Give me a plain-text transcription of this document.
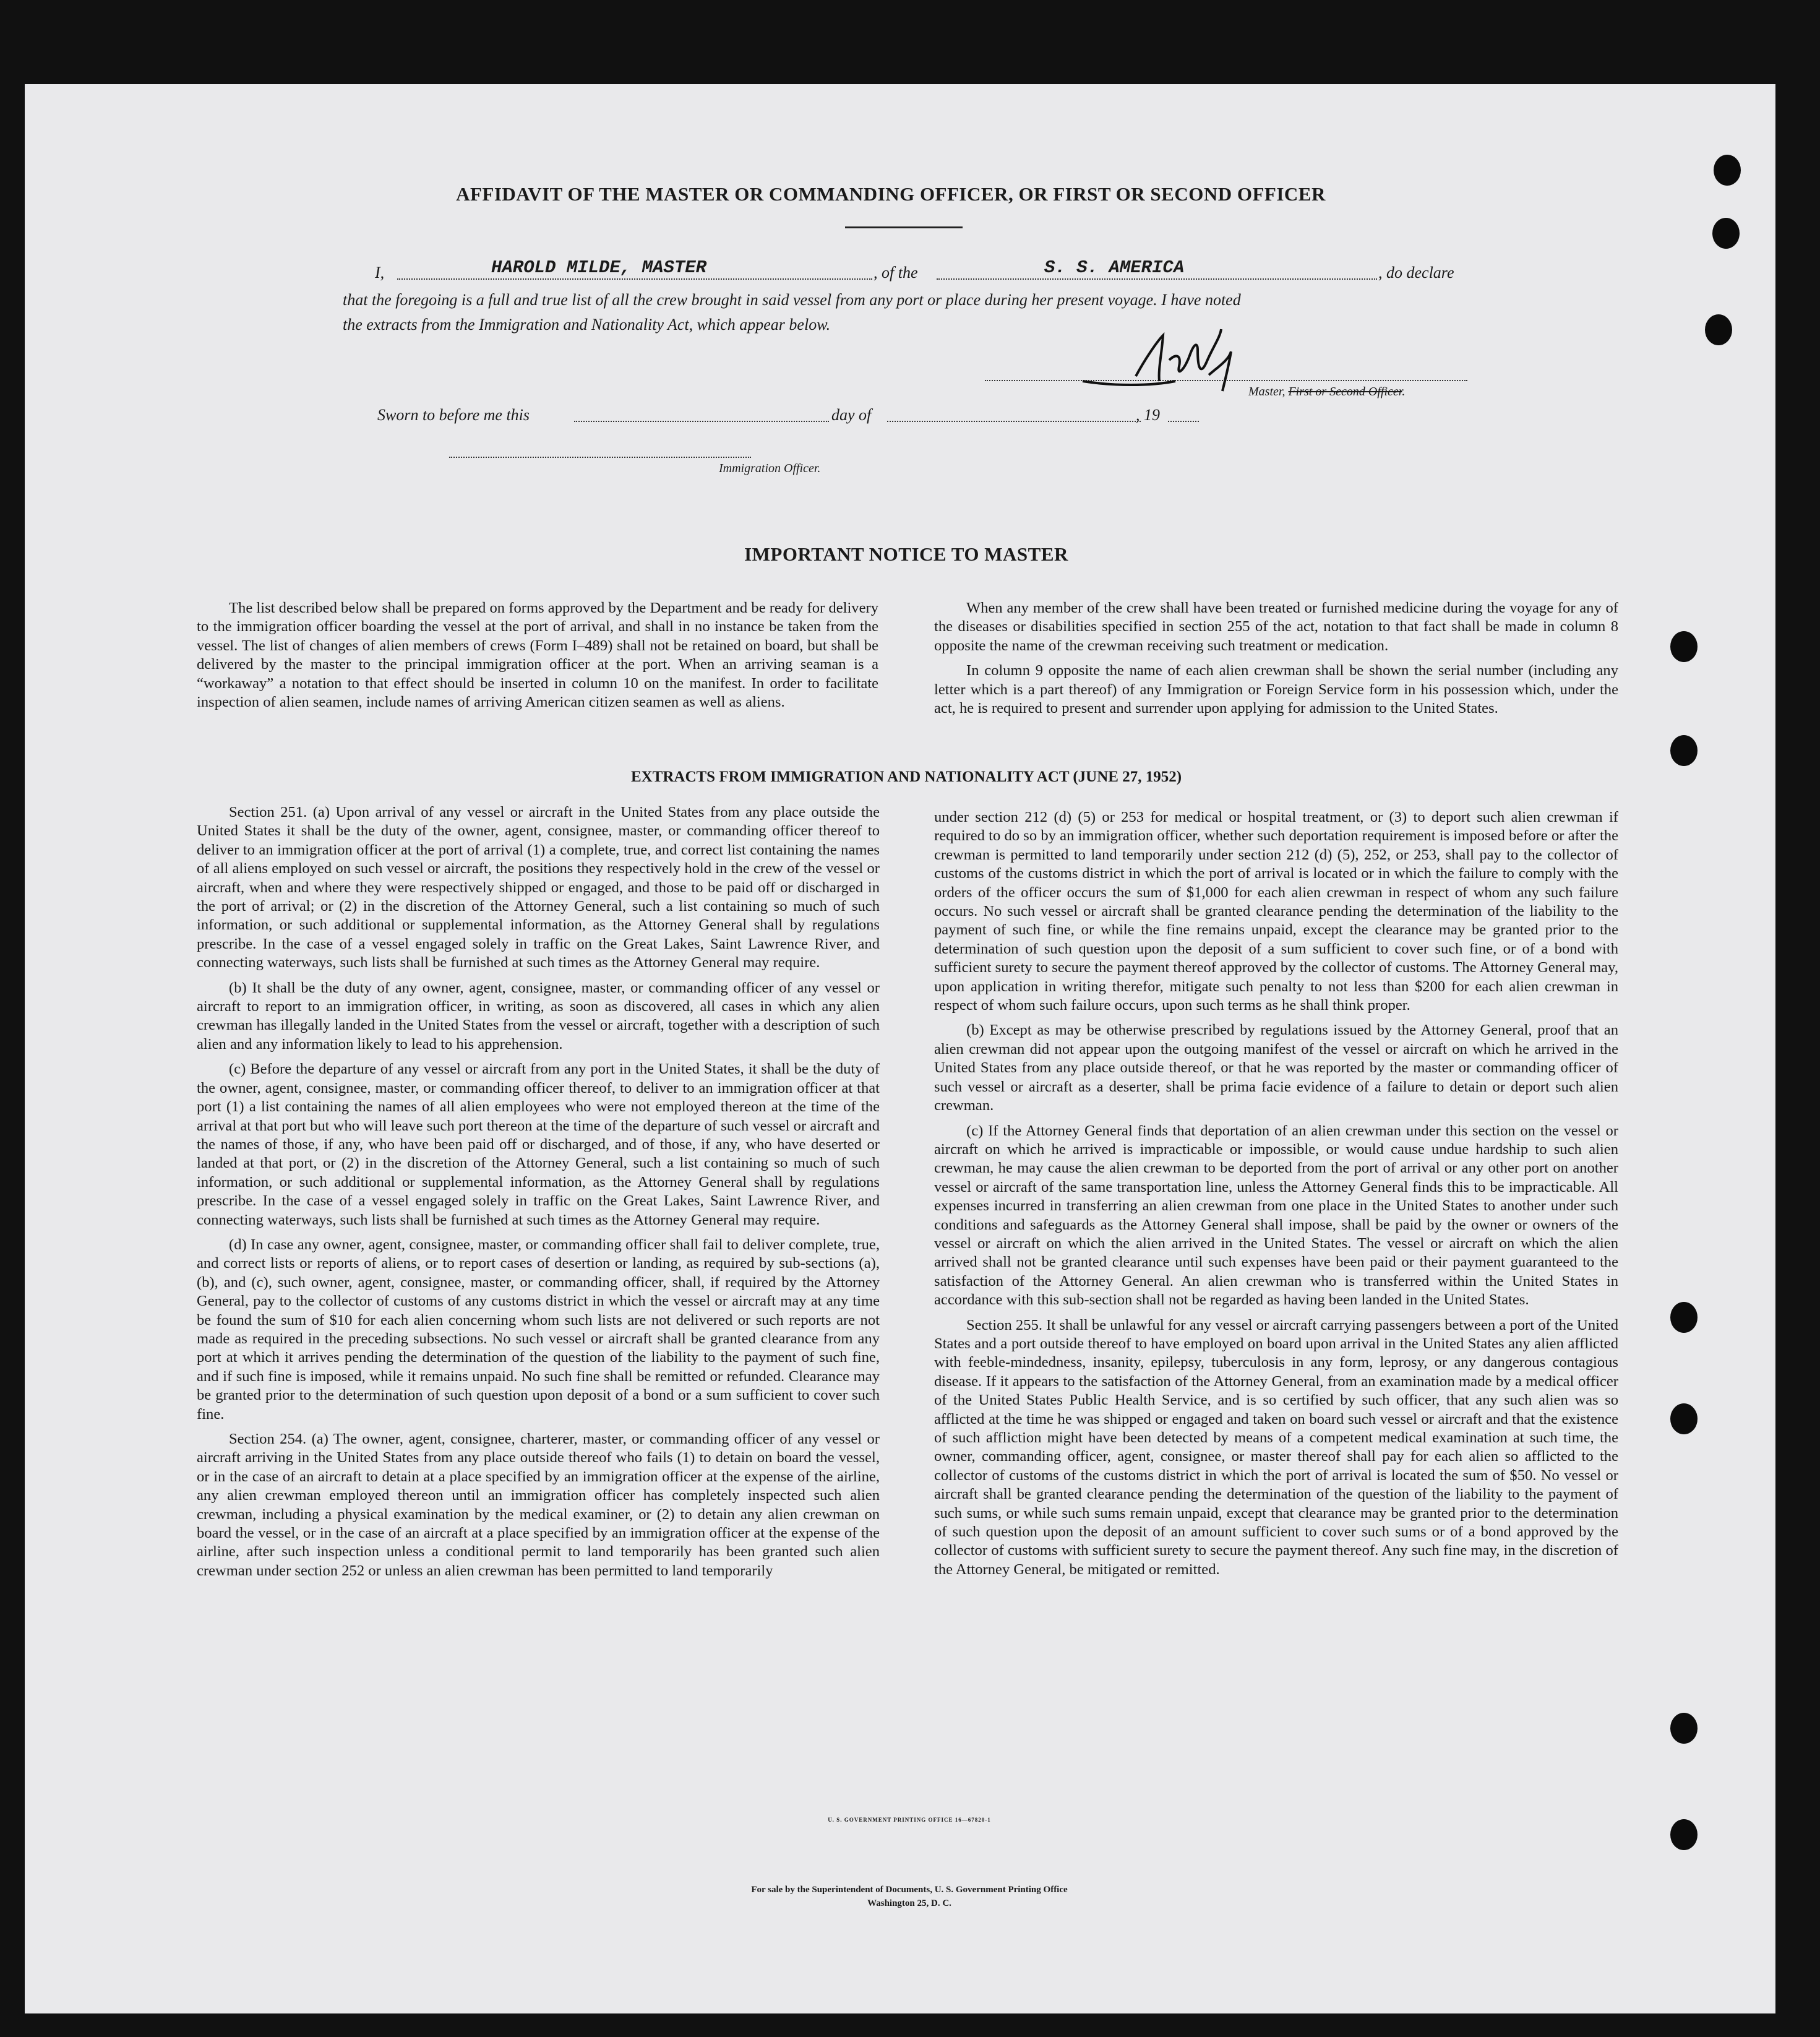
AFFIDAVIT OF THE MASTER OR COMMANDING OFFICER, OR FIRST OR SECOND OFFICER
I,	HAROLD MILDE, MASTER	, of the	S. S. AMERICA	, do declare
that the foregoing is a full and true list of all the crew brought in said vessel from any port or place during her present voyage. I have noted
the extracts from the Immigration and Nationality Act, which appear below.
Master, First or Second Officer.
Sworn to before me this	day of	, 19
Immigration Officer.
IMPORTANT NOTICE TO MASTER

The list described below shall be prepared on forms approved by the Department and be ready for delivery to the immigration officer boarding the vessel at the port of arrival, and shall in no instance be taken from the vessel. The list of changes of alien members of crews (Form I–489) shall not be retained on board, but shall be delivered by the master to the principal immigration officer at the port. When an arriving seaman is a “workaway” a notation to that effect should be inserted in column 10 on the manifest. In order to facilitate inspection of alien seamen, include names of arriving American citizen seamen as well as aliens.

When any member of the crew shall have been treated or furnished medicine during the voyage for any of the diseases or disabilities specified in section 255 of the act, notation to that fact shall be made in column 8 opposite the name of the crewman receiving such treatment or medication.

In column 9 opposite the name of each alien crewman shall be shown the serial number (including any letter which is a part thereof) of any Immigration or Foreign Service form in his possession which, under the act, he is required to present and surrender upon applying for admission to the United States.

EXTRACTS FROM IMMIGRATION AND NATIONALITY ACT (JUNE 27, 1952)

Section 251. (a) Upon arrival of any vessel or aircraft in the United States from any place outside the United States it shall be the duty of the owner, agent, consignee, master, or commanding officer thereof to deliver to an immigration officer at the port of arrival (1) a complete, true, and correct list containing the names of all aliens employed on such vessel or aircraft, the positions they respectively hold in the crew of the vessel or aircraft, when and where they were respectively shipped or engaged, and those to be paid off or discharged in the port of arrival; or (2) in the discretion of the Attorney General, such a list containing so much of such information, or such additional or supplemental information, as the Attorney General shall by regulations prescribe. In the case of a vessel engaged solely in traffic on the Great Lakes, Saint Lawrence River, and connecting waterways, such lists shall be furnished at such times as the Attorney General may require.

(b) It shall be the duty of any owner, agent, consignee, master, or commanding officer of any vessel or aircraft to report to an immigration officer, in writing, as soon as discovered, all cases in which any alien crewman has illegally landed in the United States from the vessel or aircraft, together with a description of such alien and any information likely to lead to his apprehension.

(c) Before the departure of any vessel or aircraft from any port in the United States, it shall be the duty of the owner, agent, consignee, master, or commanding officer thereof, to deliver to an immigration officer at that port (1) a list containing the names of all alien employees who were not employed thereon at the time of the arrival at that port but who will leave such port thereon at the time of the departure of such vessel or aircraft and the names of those, if any, who have been paid off or discharged, and of those, if any, who have deserted or landed at that port, or (2) in the discretion of the Attorney General, such a list containing so much of such information, or such additional or supplemental information, as the Attorney General shall by regulations prescribe. In the case of a vessel engaged solely in traffic on the Great Lakes, Saint Lawrence River, and connecting waterways, such lists shall be furnished at such times as the Attorney General may require.

(d) In case any owner, agent, consignee, master, or commanding officer shall fail to deliver complete, true, and correct lists or reports of aliens, or to report cases of desertion or landing, as required by sub-sections (a), (b), and (c), such owner, agent, consignee, master, or commanding officer, shall, if required by the Attorney General, pay to the collector of customs of any customs district in which the vessel or aircraft may at any time be found the sum of $10 for each alien concerning whom such lists are not delivered or such reports are not made as required in the preceding subsections. No such vessel or aircraft shall be granted clearance from any port at which it arrives pending the determination of the question of the liability to the payment of such fine, and if such fine is imposed, while it remains unpaid. No such fine shall be remitted or refunded. Clearance may be granted prior to the determination of such question upon deposit of a bond or a sum sufficient to cover such fine.

Section 254. (a) The owner, agent, consignee, charterer, master, or commanding officer of any vessel or aircraft arriving in the United States from any place outside thereof who fails (1) to detain on board the vessel, or in the case of an aircraft to detain at a place specified by an immigration officer at the expense of the airline, any alien crewman employed thereon until an immigration officer has completely inspected such alien crewman, including a physical examination by the medical examiner, or (2) to detain any alien crewman on board the vessel, or in the case of an aircraft at a place specified by an immigration officer at the expense of the airline, after such inspection unless a conditional permit to land temporarily has been granted such alien crewman under section 252 or unless an alien crewman has been permitted to land temporarily

under section 212 (d) (5) or 253 for medical or hospital treatment, or (3) to deport such alien crewman if required to do so by an immigration officer, whether such deportation requirement is imposed before or after the crewman is permitted to land temporarily under section 212 (d) (5), 252, or 253, shall pay to the collector of customs of the customs district in which the port of arrival is located or in which the failure to comply with the orders of the officer occurs the sum of $1,000 for each alien crewman in respect of whom any such failure occurs. No such vessel or aircraft shall be granted clearance pending the determination of the liability to the payment of such fine, or while the fine remains unpaid, except the clearance may be granted prior to the determination of such question upon the deposit of a sum sufficient to cover such fine, or of a bond with sufficient surety to secure the payment thereof approved by the collector of customs. The Attorney General may, upon application in writing therefor, mitigate such penalty to not less than $200 for each alien crewman in respect of whom such failure occurs, upon such terms as he shall think proper.

(b) Except as may be otherwise prescribed by regulations issued by the Attorney General, proof that an alien crewman did not appear upon the outgoing manifest of the vessel or aircraft on which he arrived in the United States from any place outside thereof, or that he was reported by the master or commanding officer of such vessel or aircraft as a deserter, shall be prima facie evidence of a failure to detain or deport such alien crewman.

(c) If the Attorney General finds that deportation of an alien crewman under this section on the vessel or aircraft on which he arrived is impracticable or impossible, or would cause undue hardship to such alien crewman, he may cause the alien crewman to be deported from the port of arrival or any other port on another vessel or aircraft of the same transportation line, unless the Attorney General finds this to be impracticable. All expenses incurred in transferring an alien crewman from one place in the United States to another under such conditions and safeguards as the Attorney General shall impose, shall be paid by the owner or owners of the vessel or aircraft on which the alien arrived in the United States. The vessel or aircraft on which the alien arrived shall not be granted clearance until such expenses have been paid or their payment guaranteed to the satisfaction of the Attorney General. An alien crewman who is transferred within the United States in accordance with this sub-section shall not be regarded as having been landed in the United States.

Section 255. It shall be unlawful for any vessel or aircraft carrying passengers between a port of the United States and a port outside thereof to have employed on board upon arrival in the United States any alien afflicted with feeble-mindedness, insanity, epilepsy, tuberculosis in any form, leprosy, or any dangerous contagious disease. If it appears to the satisfaction of the Attorney General, from an examination made by a medical officer of the United States Public Health Service, and is so certified by such officer, that any such alien was so afflicted at the time he was shipped or engaged and taken on board such vessel or aircraft and that the existence of such affliction might have been detected by means of a competent medical examination at such time, the owner, commanding officer, agent, consignee, or master thereof shall pay for each alien so afflicted to the collector of customs of the customs district in which the port of arrival is located the sum of $50. No vessel or aircraft shall be granted clearance pending the determination of the question of the liability to the payment of such sums, or while such sums remain unpaid, except that clearance may be granted prior to the determination of such question upon the deposit of an amount sufficient to cover such sums or of a bond approved by the collector of customs with sufficient surety to secure the payment thereof. Any such fine may, in the discretion of the Attorney General, be mitigated or remitted.

U. S. GOVERNMENT PRINTING OFFICE 16—67820-1
For sale by the Superintendent of Documents, U. S. Government Printing Office
Washington 25, D. C.
